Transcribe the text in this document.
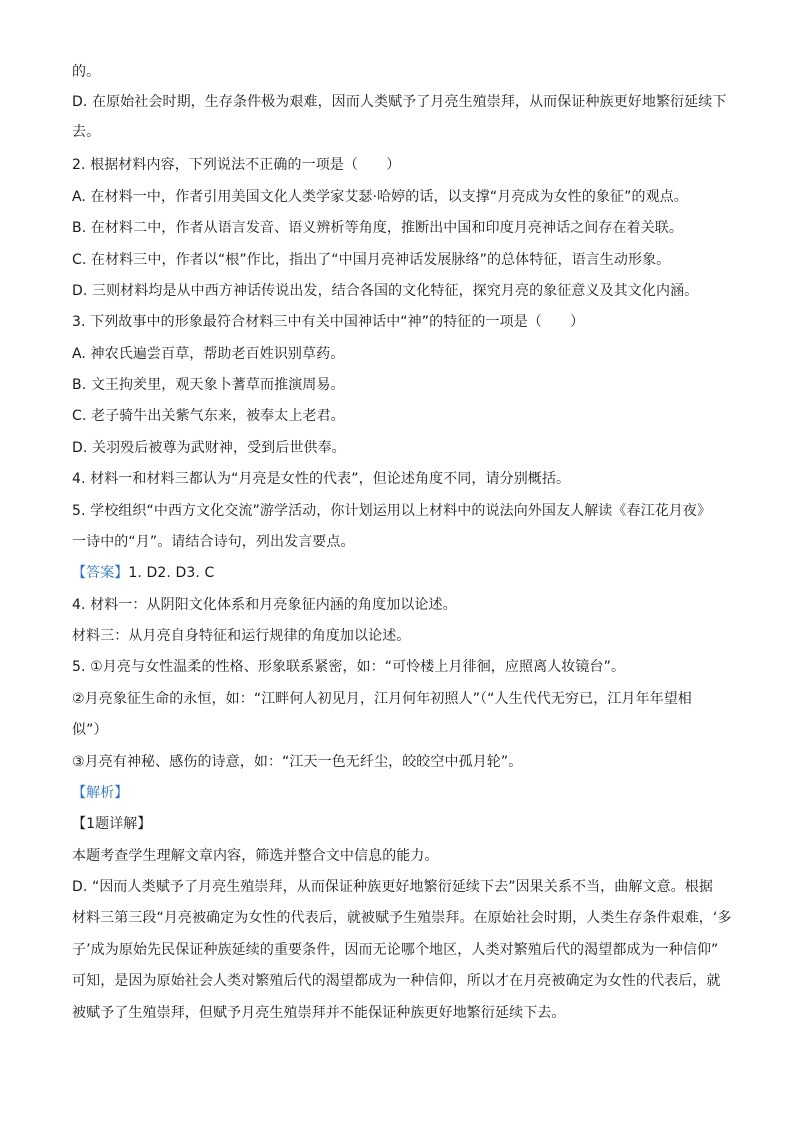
的。
D. 在原始社会时期，生存条件极为艰难，因而人类赋予了月亮生殖崇拜，从而保证种族更好地繁衍延续下
去。
2. 根据材料内容，下列说法不正确的一项是（　　）
A. 在材料一中，作者引用美国文化人类学家艾瑟·哈婷的话，以支撑“月亮成为女性的象征”的观点。
B. 在材料二中，作者从语言发音、语义辨析等角度，推断出中国和印度月亮神话之间存在着关联。
C. 在材料三中，作者以“根”作比，指出了“中国月亮神话发展脉络”的总体特征，语言生动形象。
D. 三则材料均是从中西方神话传说出发，结合各国的文化特征，探究月亮的象征意义及其文化内涵。
3. 下列故事中的形象最符合材料三中有关中国神话中“神”的特征的一项是（　　）
A. 神农氏遍尝百草，帮助老百姓识别草药。
B. 文王拘羑里，观天象卜蓍草而推演周易。
C. 老子骑牛出关紫气东来，被奉太上老君。
D. 关羽殁后被尊为武财神，受到后世供奉。
4. 材料一和材料三都认为“月亮是女性的代表”，但论述角度不同，请分别概括。
5. 学校组织“中西方文化交流”游学活动，你计划运用以上材料中的说法向外国友人解读《春江花月夜》
一诗中的“月”。请结合诗句，列出发言要点。
【答案】1. D2. D3. C
4. 材料一：从阴阳文化体系和月亮象征内涵的角度加以论述。
材料三：从月亮自身特征和运行规律的角度加以论述。
5. ①月亮与女性温柔的性格、形象联系紧密，如：“可怜楼上月徘徊，应照离人妆镜台”。
②月亮象征生命的永恒，如：“江畔何人初见月，江月何年初照人”（“人生代代无穷已，江月年年望相
似”）
③月亮有神秘、感伤的诗意，如：“江天一色无纤尘，皎皎空中孤月轮”。
【解析】
【1题详解】
本题考查学生理解文章内容，筛选并整合文中信息的能力。
D. “因而人类赋予了月亮生殖崇拜，从而保证种族更好地繁衍延续下去”因果关系不当，曲解文意。根据
材料三第三段“月亮被确定为女性的代表后，就被赋予生殖崇拜。在原始社会时期，人类生存条件艰难，‘多
子’成为原始先民保证种族延续的重要条件，因而无论哪个地区，人类对繁殖后代的渴望都成为一种信仰”
可知，是因为原始社会人类对繁殖后代的渴望都成为一种信仰，所以才在月亮被确定为女性的代表后，就
被赋予了生殖崇拜，但赋予月亮生殖崇拜并不能保证种族更好地繁衍延续下去。
